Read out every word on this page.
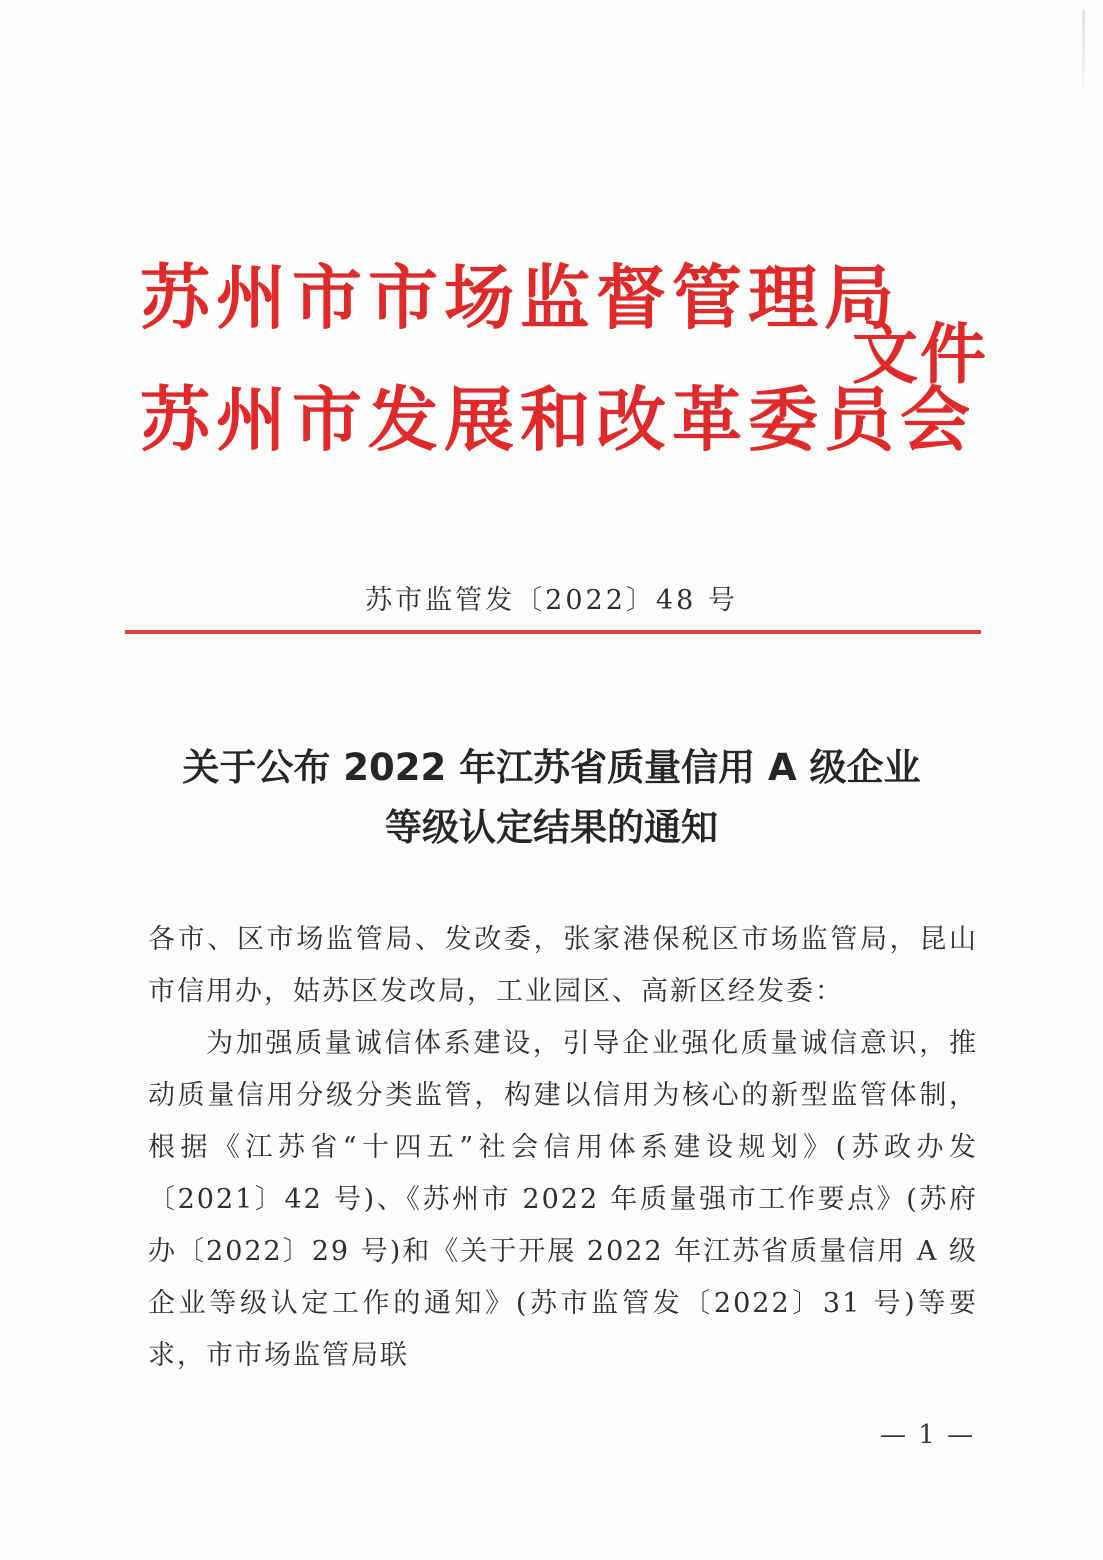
苏州市市场监督管理局
苏州市发展和改革委员会
文件
苏市监管发〔2022〕48 号
关于公布 2022 年江苏省质量信用 A 级企业
等级认定结果的通知

各市、区市场监管局、发改委，张家港保税区市场监管局，昆山市信用办，姑苏区发改局，工业园区、高新区经发委：

为加强质量诚信体系建设，引导企业强化质量诚信意识，推动质量信用分级分类监管，构建以信用为核心的新型监管体制，根据《江苏省“十四五”社会信用体系建设规划》(苏政办发〔2021〕42 号)、《苏州市 2022 年质量强市工作要点》(苏府办〔2022〕29 号)和《关于开展 2022 年江苏省质量信用 A 级企业等级认定工作的通知》(苏市监管发〔2022〕31 号)等要求，市市场监管局联

— 1 —
